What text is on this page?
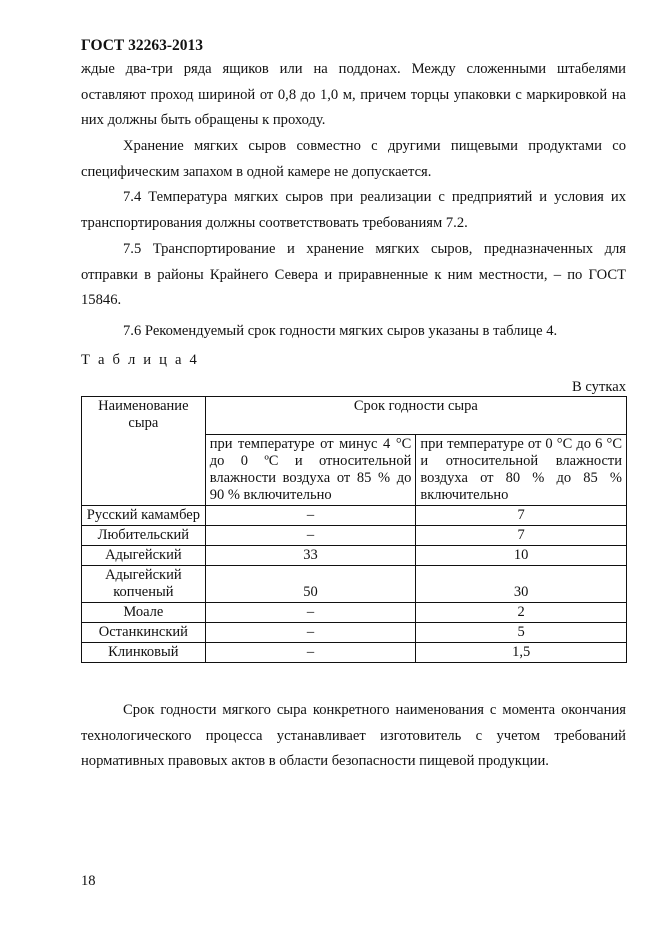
ГОСТ 32263-2013
ждые два-три ряда ящиков или на поддонах. Между сложенными штабелями оставляют проход шириной от 0,8 до 1,0 м, причем торцы упаковки с маркировкой на них должны быть обращены к проходу.
Хранение мягких сыров совместно с другими пищевыми продуктами со специфическим запахом в одной камере не допускается.
7.4 Температура мягких сыров при реализации с предприятий и условия их транспортирования должны соответствовать требованиям 7.2.
7.5 Транспортирование и хранение мягких сыров, предназначенных для отправки в районы Крайнего Севера и приравненные к ним местности, – по ГОСТ 15846.
7.6 Рекомендуемый срок годности мягких сыров указаны в таблице 4.
Т а б л и ц а 4
В сутках
Наименование сыра	Срок годности сыра	
	при температуре от минус 4 °С до 0 ºС и относительной влажности воздуха от 85 % до 90 % включительно	при температуре от 0 °С до 6 °С и относительной влажности воздуха от 80 % до 85 % включительно
Русский камамбер	–	7
Любительский	–	7
Адыгейский	33	10
Адыгейский копченый	50	30
Моале	–	2
Останкинский	–	5
Клинковый	–	1,5
Срок годности мягкого сыра конкретного наименования с момента окончания технологического процесса устанавливает изготовитель с учетом требований нормативных правовых актов в области безопасности пищевой продукции.
18
